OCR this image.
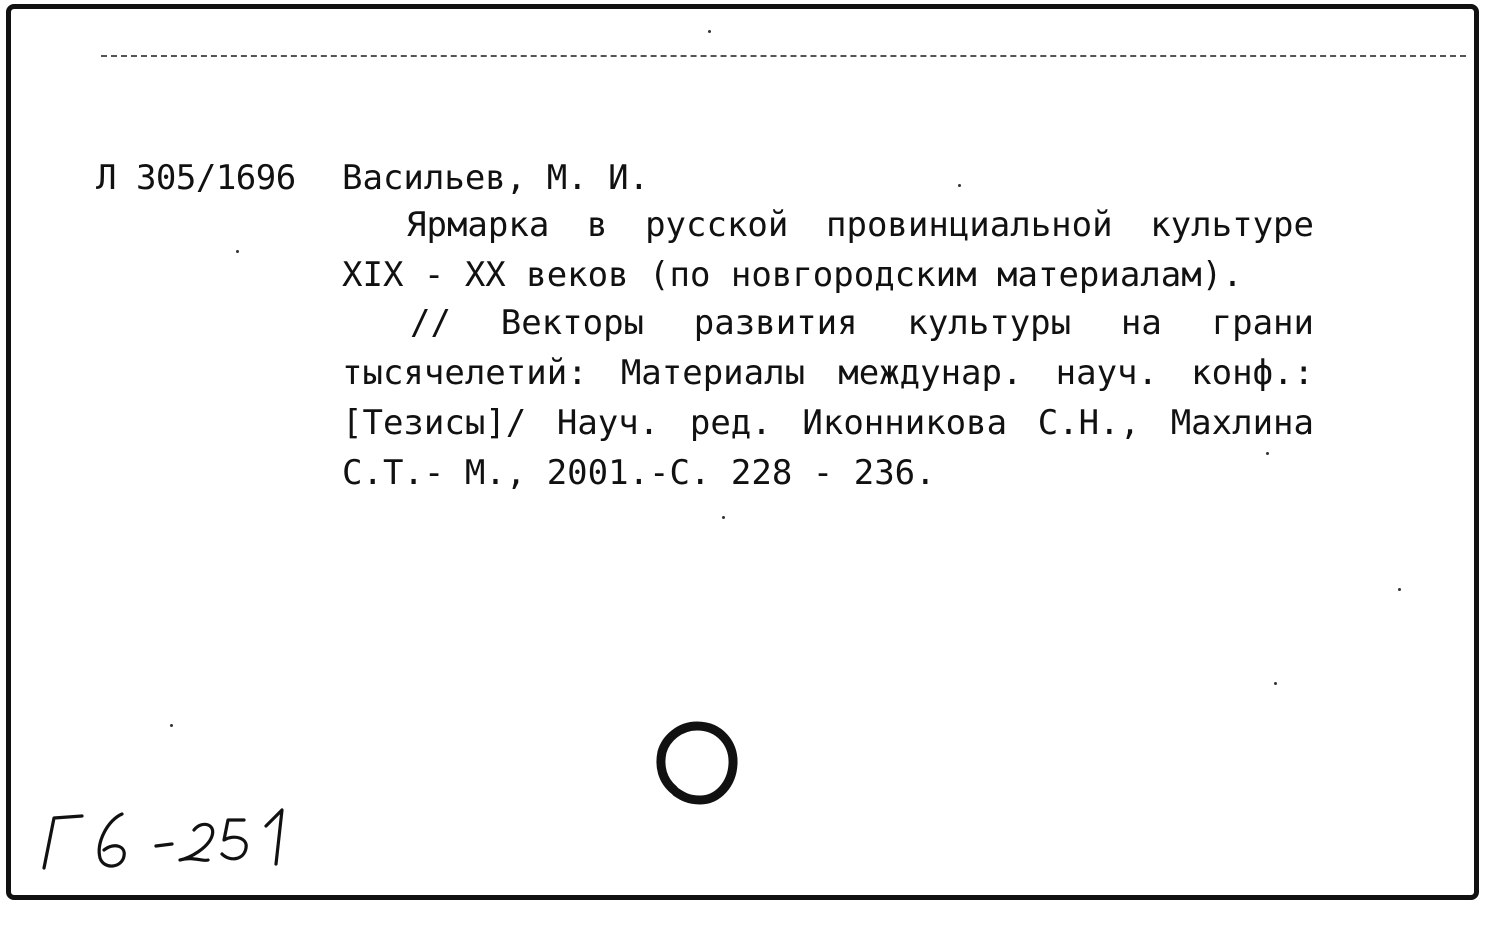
Л 305/1696 Васильев, М. И.
Ярмарка в русской провинциальной культуре
XIX - XX веков (по новгородским материалам).
// Векторы развития культуры на грани
тысячелетий: Материалы междунар. науч. конф.:
[Тезисы]/ Науч. ред. Иконникова С.Н., Махлина
С.Т.- М., 2001.-С. 228 - 236.
